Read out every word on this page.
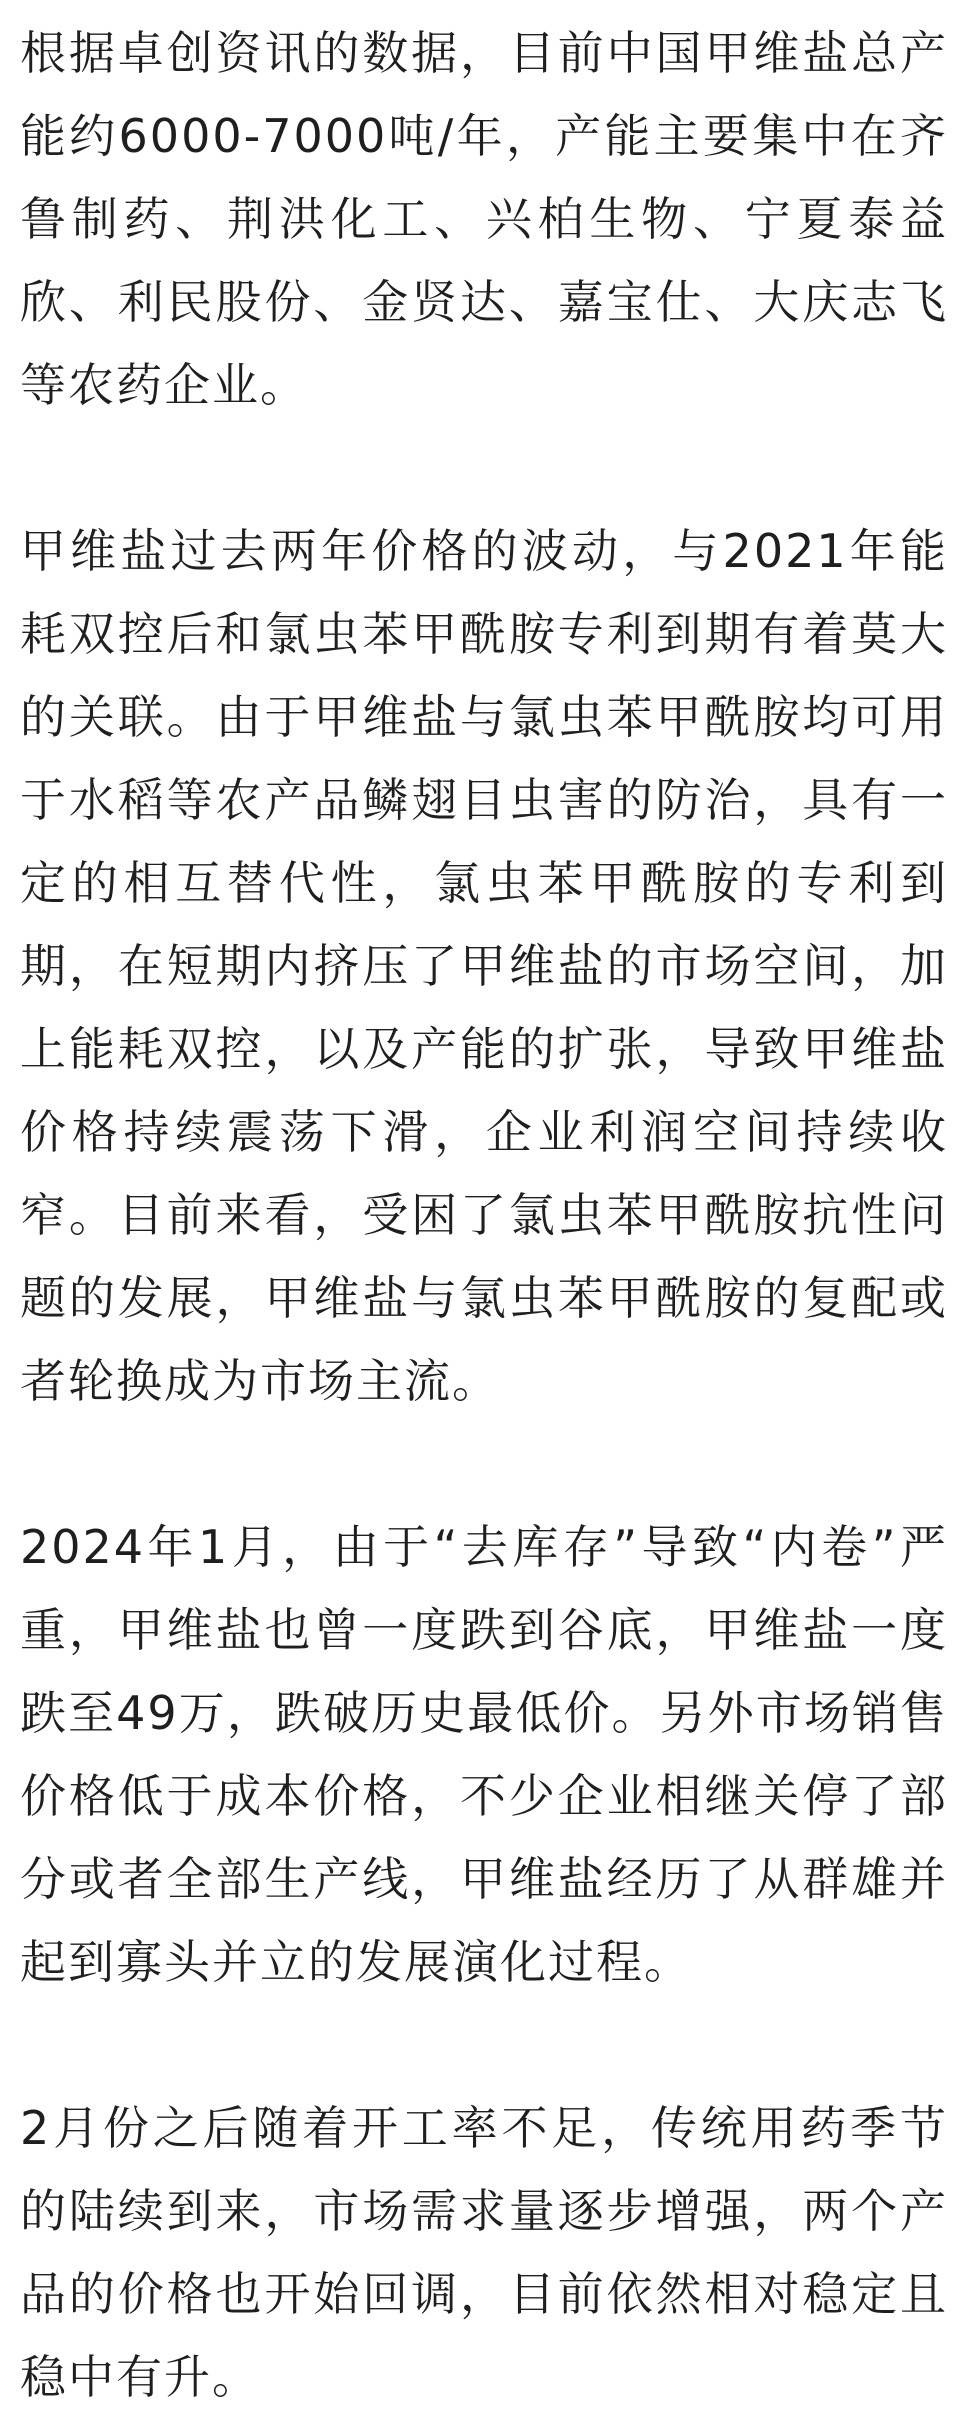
根据卓创资讯的数据，目前中国甲维盐总产能约6000-7000吨/年，产能主要集中在齐鲁制药、荆洪化工、兴柏生物、宁夏泰益欣、利民股份、金贤达、嘉宝仕、大庆志飞等农药企业。

甲维盐过去两年价格的波动，与2021年能耗双控后和氯虫苯甲酰胺专利到期有着莫大的关联。由于甲维盐与氯虫苯甲酰胺均可用于水稻等农产品鳞翅目虫害的防治，具有一定的相互替代性，氯虫苯甲酰胺的专利到期，在短期内挤压了甲维盐的市场空间，加上能耗双控，以及产能的扩张，导致甲维盐价格持续震荡下滑，企业利润空间持续收窄。目前来看，受困了氯虫苯甲酰胺抗性问题的发展，甲维盐与氯虫苯甲酰胺的复配或者轮换成为市场主流。

2024年1月，由于“去库存”导致“内卷”严重，甲维盐也曾一度跌到谷底，甲维盐一度跌至49万，跌破历史最低价。另外市场销售价格低于成本价格，不少企业相继关停了部分或者全部生产线，甲维盐经历了从群雄并起到寡头并立的发展演化过程。

2月份之后随着开工率不足，传统用药季节的陆续到来，市场需求量逐步增强，两个产品的价格也开始回调，目前依然相对稳定且稳中有升。
